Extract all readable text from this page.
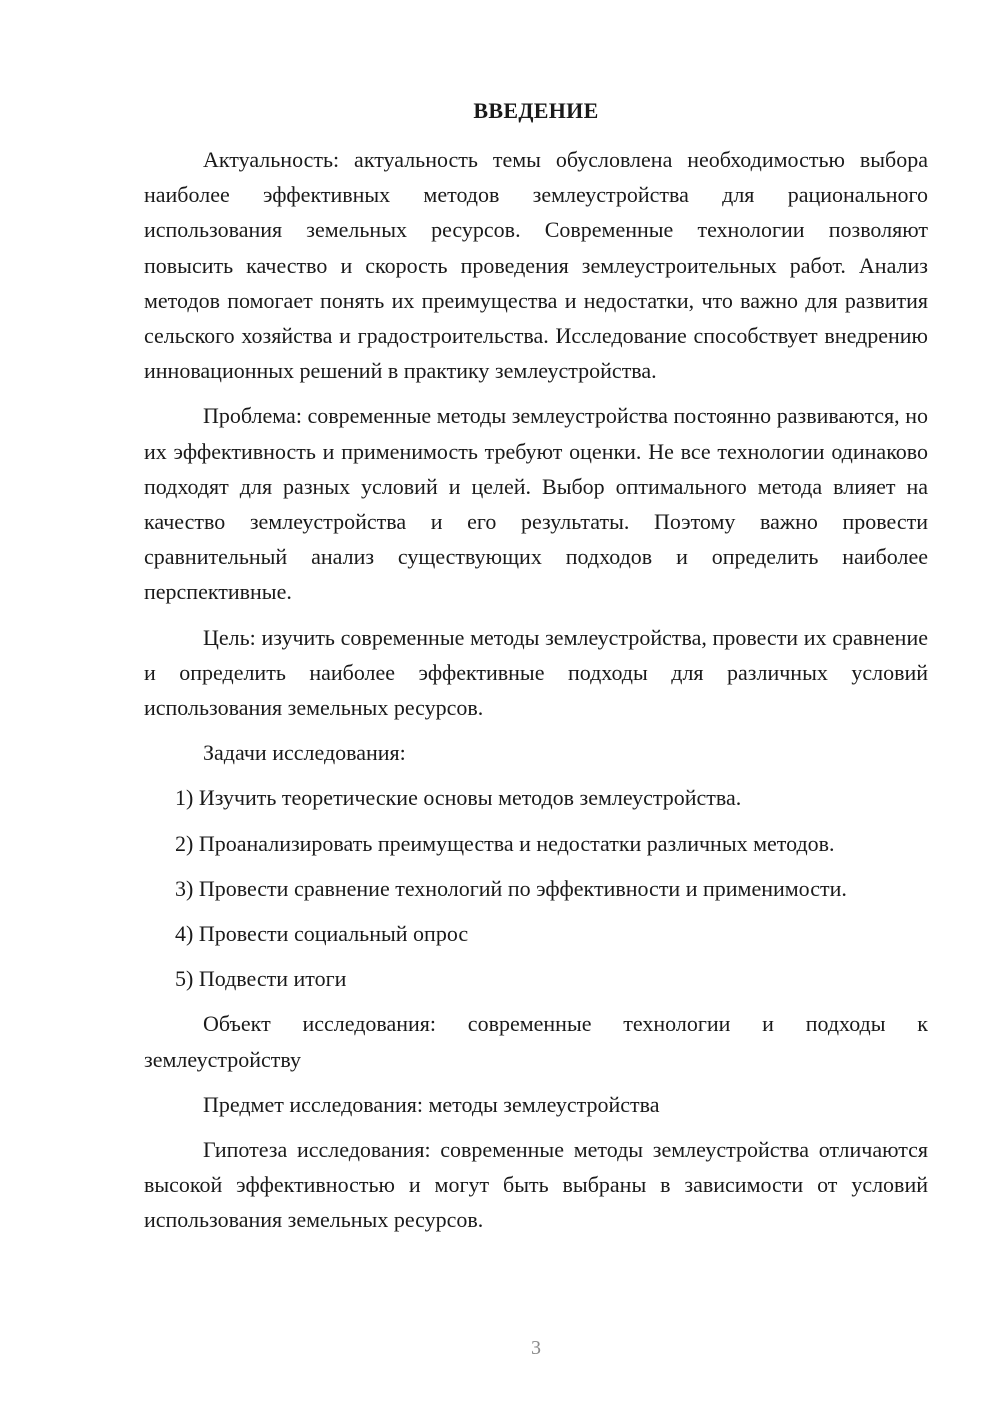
ВВЕДЕНИЕ

Актуальность: актуальность темы обусловлена необходимостью выбора наиболее эффективных методов землеустройства для рационального использования земельных ресурсов. Современные технологии позволяют повысить качество и скорость проведения землеустроительных работ. Анализ методов помогает понять их преимущества и недостатки, что важно для развития сельского хозяйства и градостроительства. Исследование способствует внедрению инновационных решений в практику землеустройства.

Проблема: современные методы землеустройства постоянно развиваются, но их эффективность и применимость требуют оценки. Не все технологии одинаково подходят для разных условий и целей. Выбор оптимального метода влияет на качество землеустройства и его результаты. Поэтому важно провести сравнительный анализ существующих подходов и определить наиболее перспективные.

Цель: изучить современные методы землеустройства, провести их сравнение и определить наиболее эффективные подходы для различных условий использования земельных ресурсов.

Задачи исследования:

1) Изучить теоретические основы методов землеустройства.
2) Проанализировать преимущества и недостатки различных методов.
3) Провести сравнение технологий по эффективности и применимости.
4) Провести социальный опрос
5) Подвести итоги

Объект исследования: современные технологии и подходы к землеустройству

Предмет исследования: методы землеустройства

Гипотеза исследования: современные методы землеустройства отличаются высокой эффективностью и могут быть выбраны в зависимости от условий использования земельных ресурсов.

3
